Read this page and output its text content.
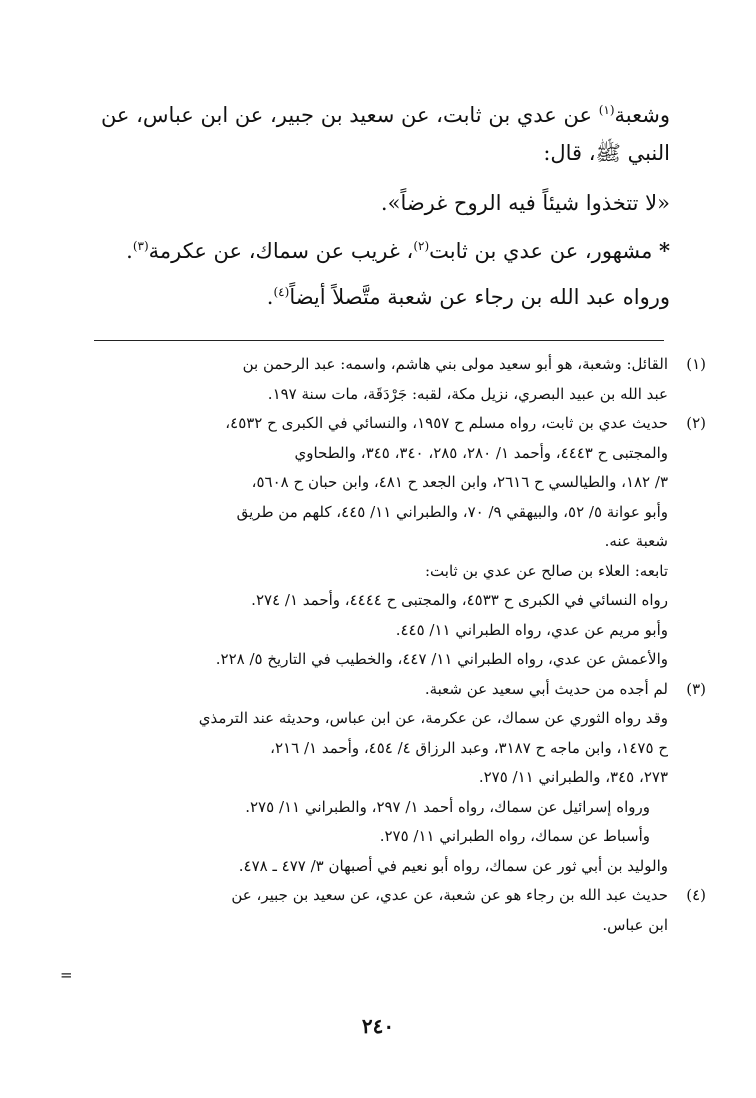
وشعبة$^{(١)}$ عن عدي بن ثابت، عن سعيد بن جبير، عن ابن عباس، عن

النبي ﷺ، قال:

«لا تتخذوا شيئاً فيه الروح غرضاً».

* مشهور، عن عدي بن ثابت$^{(٢)}$، غريب عن سماك، عن عكرمة$^{(٣)}$.

ورواه عبد الله بن رجاء عن شعبة متَّصلاً أيضاً$^{(٤)}$.

(١)
القائل: وشعبة، هو أبو سعيد مولى بني هاشم، واسمه: عبد الرحمن بن
عبد الله بن عبيد البصري، نزيل مكة، لقبه: جَرْدَقَة، مات سنة ١٩٧.
(٢)
حديث عدي بن ثابت، رواه مسلم ح ١٩٥٧، والنسائي في الكبرى ح ٤٥٣٢،
والمجتبى ح ٤٤٤٣، وأحمد ١/ ٢٨٠، ٢٨٥، ٣٤٠، ٣٤٥، والطحاوي
٣/ ١٨٢، والطيالسي ح ٢٦١٦، وابن الجعد ح ٤٨١، وابن حبان ح ٥٦٠٨،
وأبو عوانة ٥/ ٥٢، والبيهقي ٩/ ٧٠، والطبراني ١١/ ٤٤٥، كلهم من طريق
شعبة عنه.
تابعه: العلاء بن صالح عن عدي بن ثابت:
رواه النسائي في الكبرى ح ٤٥٣٣، والمجتبى ح ٤٤٤٤، وأحمد ١/ ٢٧٤.
وأبو مريم عن عدي، رواه الطبراني ١١/ ٤٤٥.
والأعمش عن عدي، رواه الطبراني ١١/ ٤٤٧، والخطيب في التاريخ ٥/ ٢٢٨.
(٣)
لم أجده من حديث أبي سعيد عن شعبة.
وقد رواه الثوري عن سماك، عن عكرمة، عن ابن عباس، وحديثه عند الترمذي
ح ١٤٧٥، وابن ماجه ح ٣١٨٧، وعبد الرزاق ٤/ ٤٥٤، وأحمد ١/ ٢١٦،
٢٧٣، ٣٤٥، والطبراني ١١/ ٢٧٥.
ورواه إسرائيل عن سماك، رواه أحمد ١/ ٢٩٧، والطبراني ١١/ ٢٧٥.
وأسباط عن سماك، رواه الطبراني ١١/ ٢٧٥.
والوليد بن أبي ثور عن سماك، رواه أبو نعيم في أصبهان ٣/ ٤٧٧ ـ ٤٧٨.
(٤)
حديث عبد الله بن رجاء هو عن شعبة، عن عدي، عن سعيد بن جبير، عن
ابن عباس.
=
٢٤٠
